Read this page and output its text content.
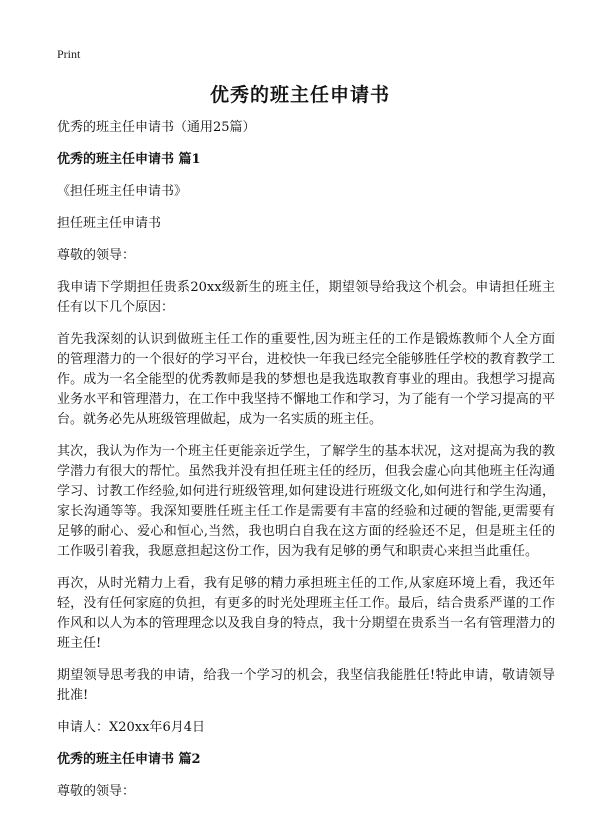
Print
优秀的班主任申请书

优秀的班主任申请书（通用25篇）

优秀的班主任申请书 篇1

《担任班主任申请书》

担任班主任申请书

尊敬的领导：

我申请下学期担任贵系20xx级新生的班主任，期望领导给我这个机会。申请担任班主任有以下几个原因：

首先我深刻的认识到做班主任工作的重要性,因为班主任的工作是锻炼教师个人全方面的管理潜力的一个很好的学习平台，进校快一年我已经完全能够胜任学校的教育教学工作。成为一名全能型的优秀教师是我的梦想也是我选取教育事业的理由。我想学习提高业务水平和管理潜力，在工作中我坚持不懈地工作和学习，为了能有一个学习提高的平台。就务必先从班级管理做起，成为一名实质的班主任。

其次，我认为作为一个班主任更能亲近学生，了解学生的基本状况，这对提高为我的教学潜力有很大的帮忙。虽然我并没有担任班主任的经历，但我会虚心向其他班主任沟通学习、讨教工作经验,如何进行班级管理,如何建设进行班级文化,如何进行和学生沟通，家长沟通等等。我深知要胜任班主任工作是需要有丰富的经验和过硬的智能,更需要有足够的耐心、爱心和恒心,当然，我也明白自我在这方面的经验还不足，但是班主任的工作吸引着我，我愿意担起这份工作，因为我有足够的勇气和职责心来担当此重任。

再次，从时光精力上看，我有足够的精力承担班主任的工作,从家庭环境上看，我还年轻，没有任何家庭的负担，有更多的时光处理班主任工作。最后，结合贵系严谨的工作作风和以人为本的管理理念以及我自身的特点，我十分期望在贵系当一名有管理潜力的班主任!

期望领导思考我的申请，给我一个学习的机会，我坚信我能胜任!特此申请，敬请领导批准!

申请人：X20xx年6月4日

优秀的班主任申请书 篇2

尊敬的领导：
